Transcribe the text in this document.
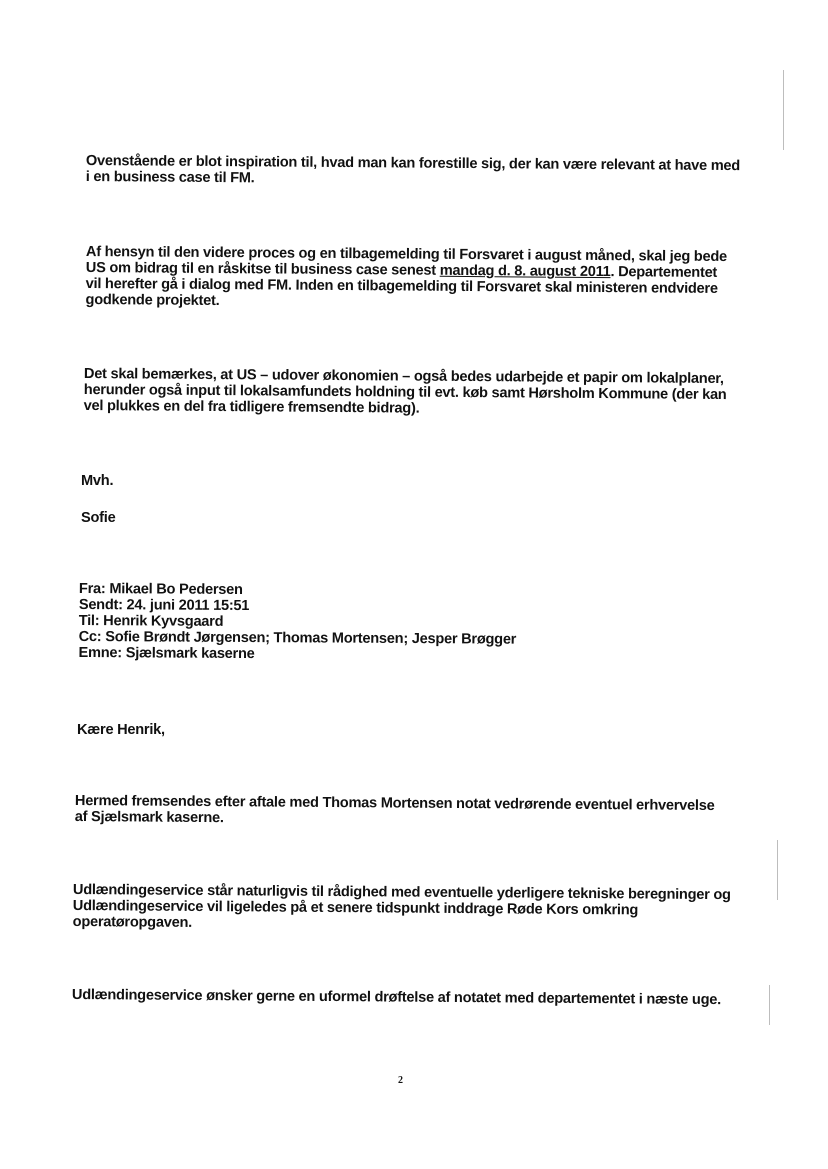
Ovenstående er blot inspiration til, hvad man kan forestille sig, der kan være relevant at have med
i en business case til FM.
Af hensyn til den videre proces og en tilbagemelding til Forsvaret i august måned, skal jeg bede
US om bidrag til en råskitse til business case senest mandag d. 8. august 2011. Departementet
vil herefter gå i dialog med FM. Inden en tilbagemelding til Forsvaret skal ministeren endvidere
godkende projektet.
Det skal bemærkes, at US – udover økonomien – også bedes udarbejde et papir om lokalplaner,
herunder også input til lokalsamfundets holdning til evt. køb samt Hørsholm Kommune (der kan
vel plukkes en del fra tidligere fremsendte bidrag).
Mvh.
Sofie
Fra: Mikael Bo Pedersen
Sendt: 24. juni 2011 15:51
Til: Henrik Kyvsgaard
Cc: Sofie Brøndt Jørgensen; Thomas Mortensen; Jesper Brøgger
Emne: Sjælsmark kaserne
Kære Henrik,
Hermed fremsendes efter aftale med Thomas Mortensen notat vedrørende eventuel erhvervelse
af Sjælsmark kaserne.
Udlændingeservice står naturligvis til rådighed med eventuelle yderligere tekniske beregninger og
Udlændingeservice vil ligeledes på et senere tidspunkt inddrage Røde Kors omkring
operatøropgaven.
Udlændingeservice ønsker gerne en uformel drøftelse af notatet med departementet i næste uge.
2
